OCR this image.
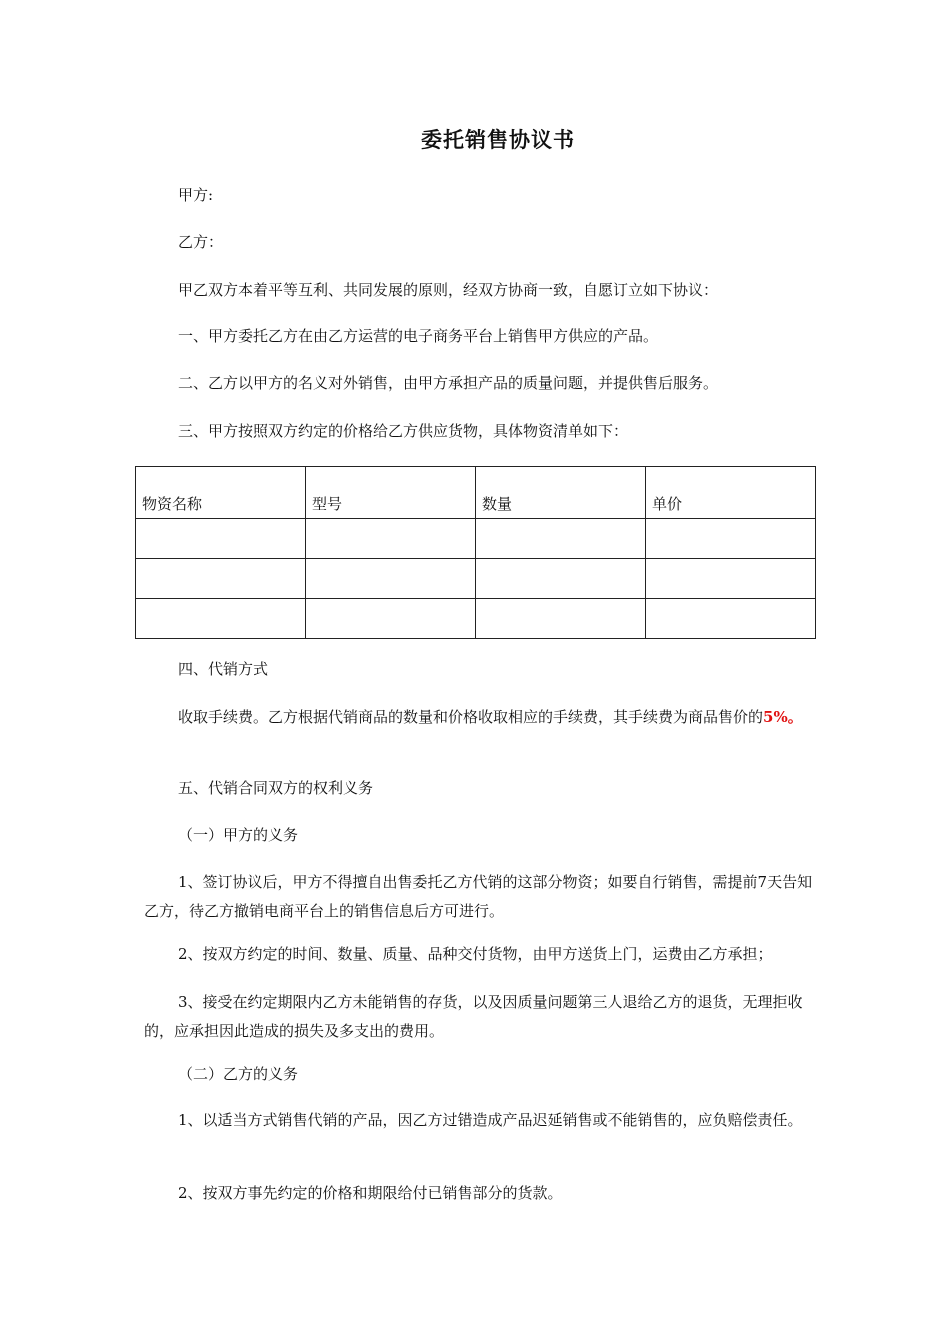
委托销售协议书
甲方:
乙方：
甲乙双方本着平等互利、共同发展的原则，经双方协商一致，自愿订立如下协议：
一、甲方委托乙方在由乙方运营的电子商务平台上销售甲方供应的产品。
二、乙方以甲方的名义对外销售，由甲方承担产品的质量问题，并提供售后服务。
三、甲方按照双方约定的价格给乙方供应货物，具体物资清单如下：
物资名称	型号	数量	单价

四、代销方式
收取手续费。乙方根据代销商品的数量和价格收取相应的手续费，其手续费为商品售价的5%。
五、代销合同双方的权利义务
（一）甲方的义务
1、签订协议后，甲方不得擅自出售委托乙方代销的这部分物资；如要自行销售，需提前7天告知乙方，待乙方撤销电商平台上的销售信息后方可进行。
2、按双方约定的时间、数量、质量、品种交付货物，由甲方送货上门，运费由乙方承担；
3、接受在约定期限内乙方未能销售的存货，以及因质量问题第三人退给乙方的退货，无理拒收的，应承担因此造成的损失及多支出的费用。
（二）乙方的义务
1、以适当方式销售代销的产品，因乙方过错造成产品迟延销售或不能销售的，应负赔偿责任。
2、按双方事先约定的价格和期限给付已销售部分的货款。
